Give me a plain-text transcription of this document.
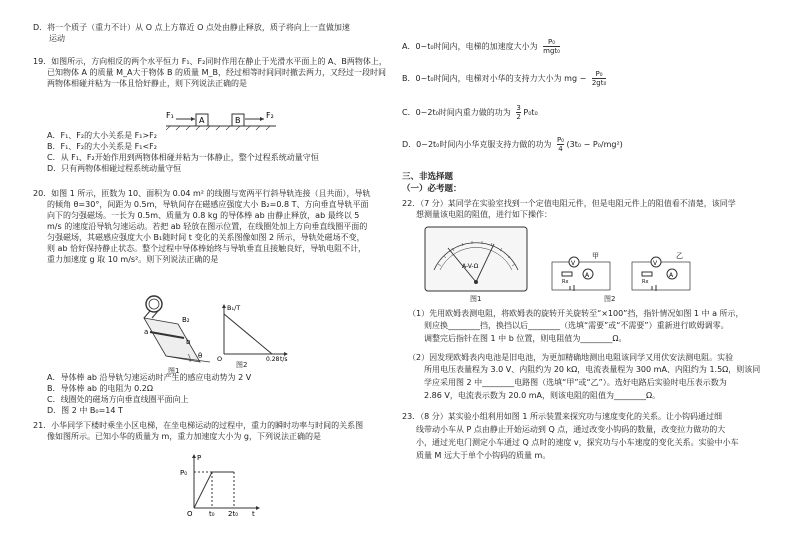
D．将一个质子（重力不计）从 O 点上方靠近 O 点处由静止释放，质子将向上一直做加速

运动

19．如图所示，方向相反的两个水平恒力 F₁、F₂同时作用在静止于光滑水平面上的 A、B两物体上，

已知物体 A 的质量 M_A大于物体 B 的质量 M_B，经过相等时间同时撤去两力，又经过一段时间

两物体相碰并粘为一体且恰好静止，则下列说法正确的是

F₁
A	B
F₂

A．F₁、F₂的大小关系是 F₁>F₂

B．F₁、F₂的大小关系是 F₁<F₂

C．从 F₁、F₂开始作用到两物体相碰并粘为一体静止，整个过程系统动量守恒

D．只有两物体相碰过程系统动量守恒

20．如图 1 所示，匝数为 10、面积为 0.04 m² 的线圈与宽两平行斜导轨连接（且共面），导轨

的倾角 θ=30°，间距为 0.5m，导轨间存在磁感应强度大小 B₂=0.8 T、方向垂直导轨平面

向下的匀强磁场。一长为 0.5m、质量为 0.8 kg 的导体棒 ab 由静止释放，ab 最终以 5

m/s 的速度沿导轨匀速运动。若把 ab 轻放在图示位置，在线圈处加上方向垂直线圈平面的

匀强磁场，其磁感应强度大小 B₁随时间 t 变化的关系图像如图 2 所示，导轨处磁场不变，

则 ab 恰好保持静止状态。整个过程中导体棒始终与导轨垂直且接触良好，导轨电阻不计，

重力加速度 g 取 10 m/s²。则下列说法正确的是

B₂
a
b
θ
图1
B₁/T
O	0.28 t/s
图2

A．导体棒 ab 沿导轨匀速运动时产生的感应电动势为 2 V

B．导体棒 ab 的电阻为 0.2Ω

C．线圈处的磁场方向垂直线圈平面向上

D．图 2 中 B₀=14 T

21．小华同学下楼时乘坐小区电梯，在坐电梯运动的过程中，重力的瞬时功率与时间的关系图

像如图所示。已知小华的质量为 m，重力加速度大小为 g，下列说法正确的是

P
P₀
O t₀ 2t₀ t
A．0~t₀时间内，电梯的加速度大小为	P₀
mgt₀
B．0~t₀时间内，电梯对小华的支持力大小为 mg − $\frac{\text{P₀}}{\text{2gt₀}}$
C．0~2t₀时间内重力做的功为 $\frac{3}{2} P_0t_0$
D．0~2t₀时间内小华克服支持力做的功为 $\frac{\text{P₀}}{4} (3t_0 - P_0/mg^2)$
三、非选择题
（一）必考题：

22．（7 分）某同学在实验室找到一个定值电阻元件，但是电阻元件上的阻值看不清楚，该同学

想测量该电阻的阻值，进行如下操作：

A-V-Ω
图1
V
Rx
A
甲
V
Rx
A
乙
图2

（1）先用欧姆表测电阻，将欧姆表的旋转开关旋转至“×100”挡，指针情况如图 1 中 a 所示，

则应换________挡，换挡以后________（选填“需要”或“不需要”）重新进行欧姆调零。

调整完后指针在图 1 中 b 位置，则电阻值为________Ω。

（2）因发现欧姆表内电池是旧电池，为更加精确地测出电阻该同学又用伏安法测电阻。实验

所用电压表量程为 3.0 V、内阻约为 20 kΩ，电流表量程为 300 mA、内阻约为 1.5Ω，则该同

学应采用图 2 中________电路图（选填“甲”或“乙”）。选好电路后实验时电压表示数为

2.86 V，电流表示数为 20.0 mA，则该电阻的阻值为________Ω。

23．（8 分）某实验小组利用如图 1 所示装置来探究功与速度变化的关系。让小钩码通过细

线带动小车从 P 点由静止开始运动到 Q 点，通过改变小钩码的数量，改变拉力做功的大

小，通过光电门测定小车通过 Q 点时的速度 v，探究功与小车速度的变化关系。实验中小车

质量 M 远大于单个小钩码的质量 m。
